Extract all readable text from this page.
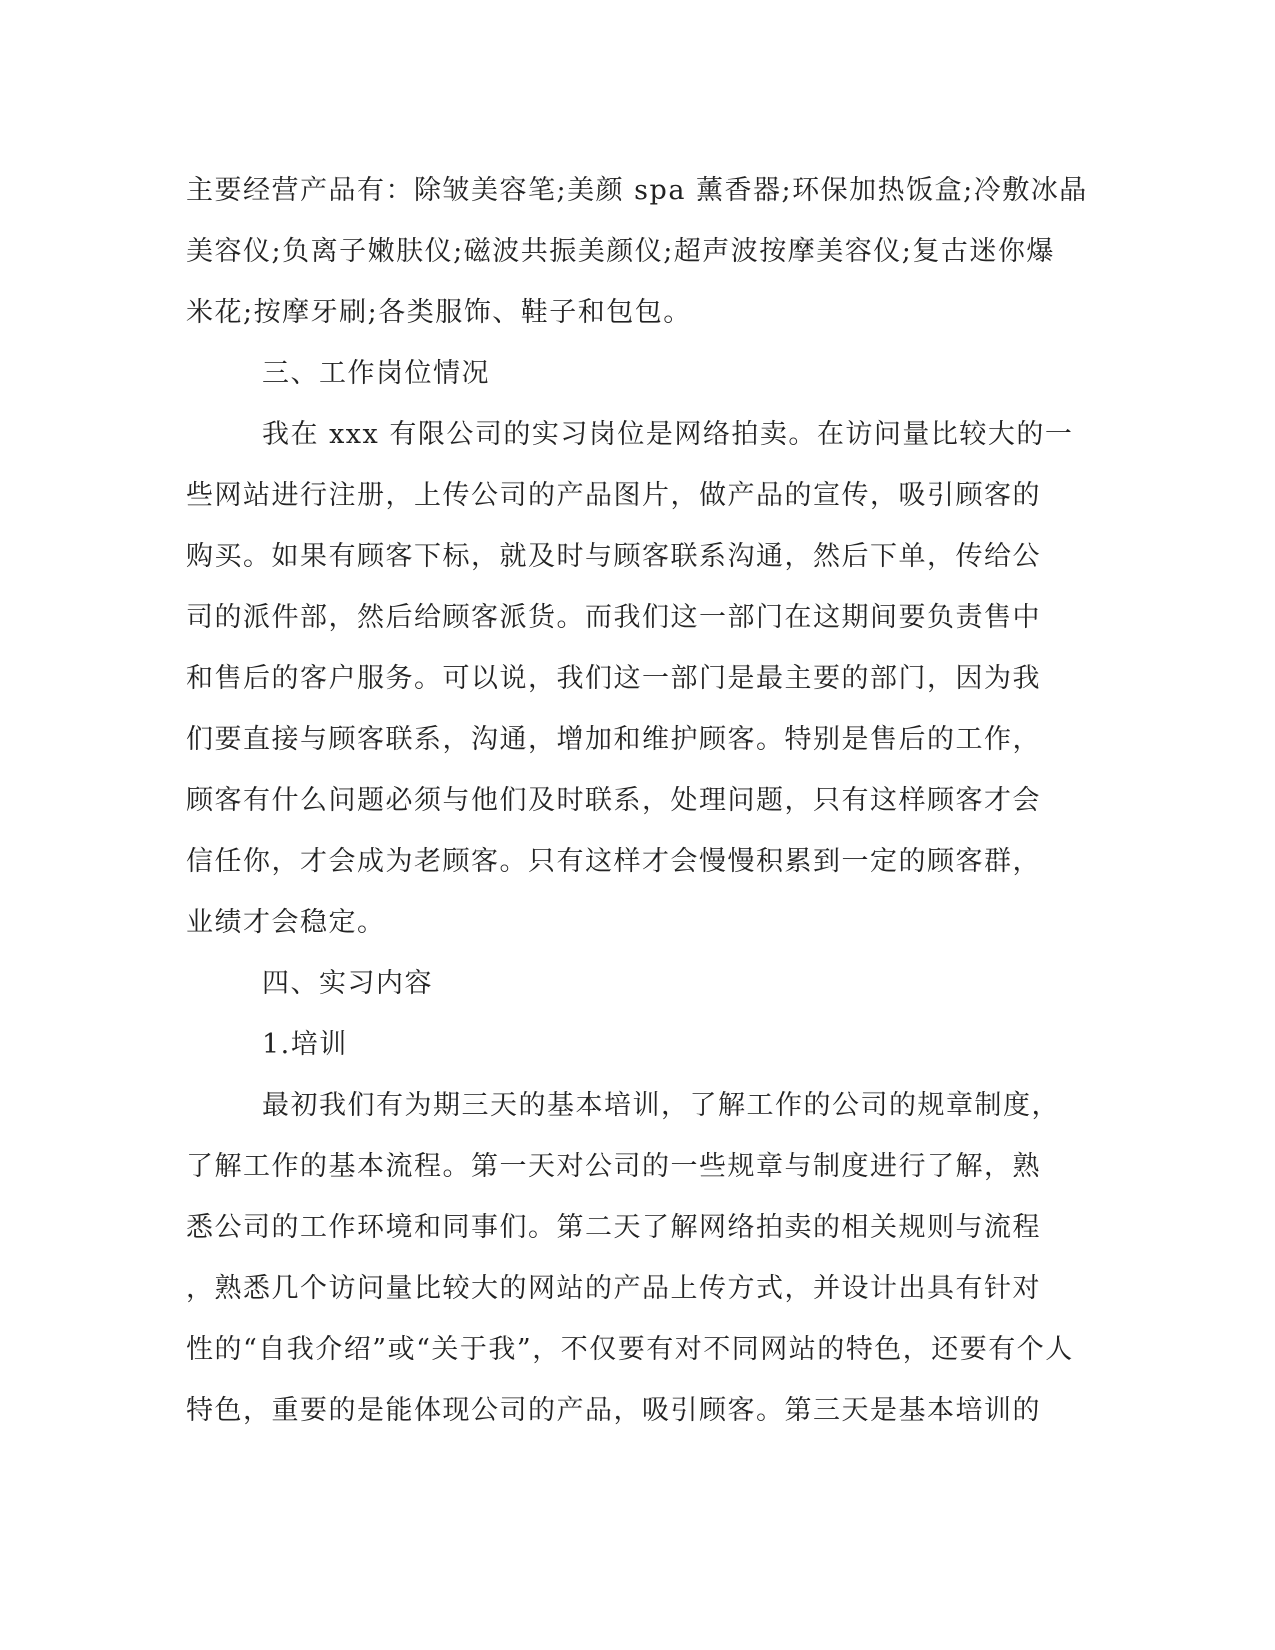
主要经营产品有：除皱美容笔;美颜 spa 薰香器;环保加热饭盒;冷敷冰晶
美容仪;负离子嫩肤仪;磁波共振美颜仪;超声波按摩美容仪;复古迷你爆
米花;按摩牙刷;各类服饰、鞋子和包包。
三、工作岗位情况
我在 xxx 有限公司的实习岗位是网络拍卖。在访问量比较大的一
些网站进行注册，上传公司的产品图片，做产品的宣传，吸引顾客的
购买。如果有顾客下标，就及时与顾客联系沟通，然后下单，传给公
司的派件部，然后给顾客派货。而我们这一部门在这期间要负责售中
和售后的客户服务。可以说，我们这一部门是最主要的部门，因为我
们要直接与顾客联系，沟通，增加和维护顾客。特别是售后的工作，
顾客有什么问题必须与他们及时联系，处理问题，只有这样顾客才会
信任你，才会成为老顾客。只有这样才会慢慢积累到一定的顾客群，
业绩才会稳定。
四、实习内容
1.培训
最初我们有为期三天的基本培训，了解工作的公司的规章制度，
了解工作的基本流程。第一天对公司的一些规章与制度进行了解，熟
悉公司的工作环境和同事们。第二天了解网络拍卖的相关规则与流程
，熟悉几个访问量比较大的网站的产品上传方式，并设计出具有针对
性的“自我介绍”或“关于我”，不仅要有对不同网站的特色，还要有个人
特色，重要的是能体现公司的产品，吸引顾客。第三天是基本培训的
